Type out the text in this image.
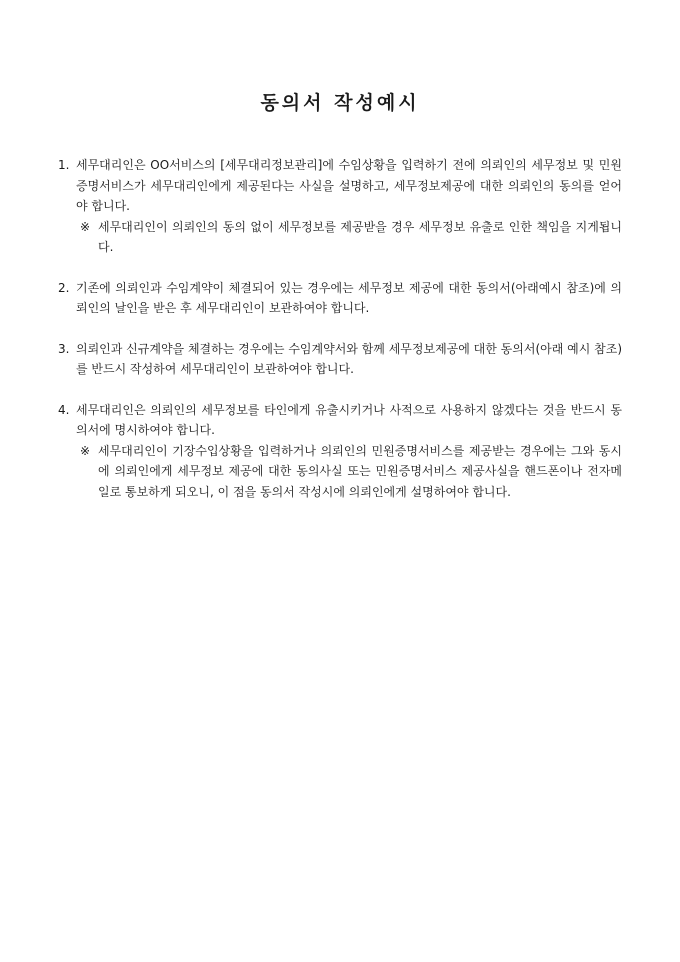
동의서 작성예시
1. 세무대리인은 OO서비스의 [세무대리정보관리]에 수임상황을 입력하기 전에 의뢰인의 세무정보 및 민원증명서비스가 세무대리인에게 제공된다는 사실을 설명하고, 세무정보제공에 대한 의뢰인의 동의를 얻어야 합니다.
※ 세무대리인이 의뢰인의 동의 없이 세무정보를 제공받을 경우 세무정보 유출로 인한 책임을 지게됩니다.
2. 기존에 의뢰인과 수임계약이 체결되어 있는 경우에는 세무정보 제공에 대한 동의서(아래예시 참조)에 의뢰인의 날인을 받은 후 세무대리인이 보관하여야 합니다.
3. 의뢰인과 신규계약을 체결하는 경우에는 수임계약서와 함께 세무정보제공에 대한 동의서(아래 예시 참조)를 반드시 작성하여 세무대리인이 보관하여야 합니다.
4. 세무대리인은 의뢰인의 세무정보를 타인에게 유출시키거나 사적으로 사용하지 않겠다는 것을 반드시 동의서에 명시하여야 합니다.
※ 세무대리인이 기장수입상황을 입력하거나 의뢰인의 민원증명서비스를 제공받는 경우에는 그와 동시에 의뢰인에게 세무정보 제공에 대한 동의사실 또는 민원증명서비스 제공사실을 핸드폰이나 전자메일로 통보하게 되오니, 이 점을 동의서 작성시에 의뢰인에게 설명하여야 합니다.
